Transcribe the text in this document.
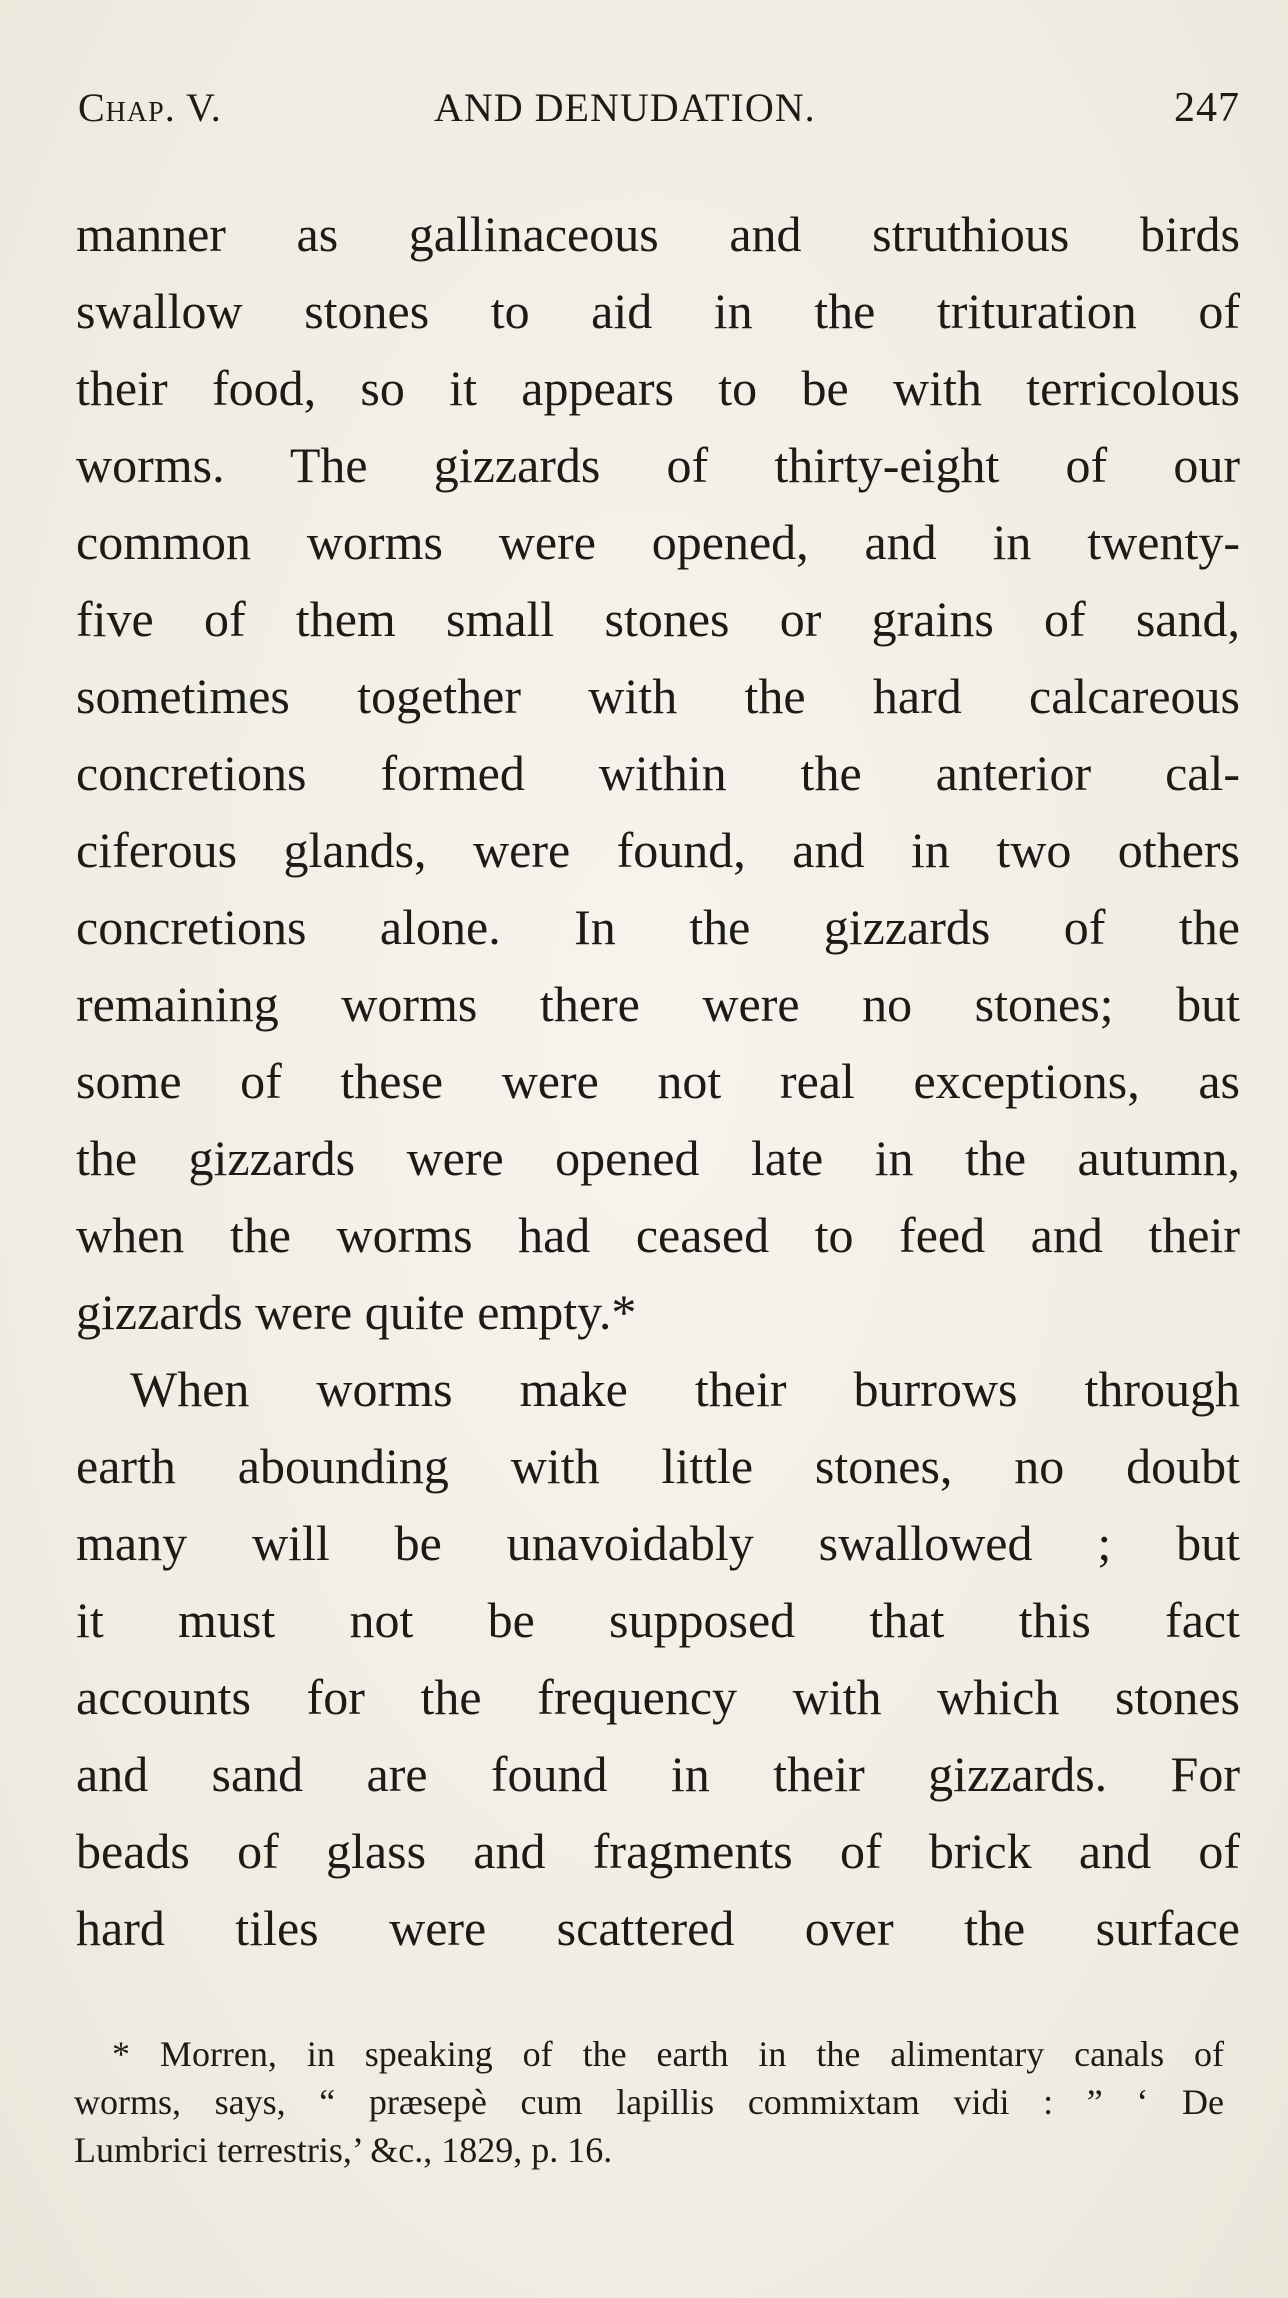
Chap. V.	AND DENUDATION.	247
manner as gallinaceous and struthious birds
swallow stones to aid in the trituration of
their food, so it appears to be with terricolous
worms. The gizzards of thirty-eight of our
common worms were opened, and in twenty-
five of them small stones or grains of sand,
sometimes together with the hard calcareous
concretions formed within the anterior cal-
ciferous glands, were found, and in two others
concretions alone. In the gizzards of the
remaining worms there were no stones; but
some of these were not real exceptions, as
the gizzards were opened late in the autumn,
when the worms had ceased to feed and their
gizzards were quite empty.*
When worms make their burrows through
earth abounding with little stones, no doubt
many will be unavoidably swallowed ; but
it must not be supposed that this fact
accounts for the frequency with which stones
and sand are found in their gizzards. For
beads of glass and fragments of brick and of
hard tiles were scattered over the surface
* Morren, in speaking of the earth in the alimentary canals of
worms, says, “ præsepè cum lapillis commixtam vidi : ” ‘ De
Lumbrici terrestris,’ &c., 1829, p. 16.
